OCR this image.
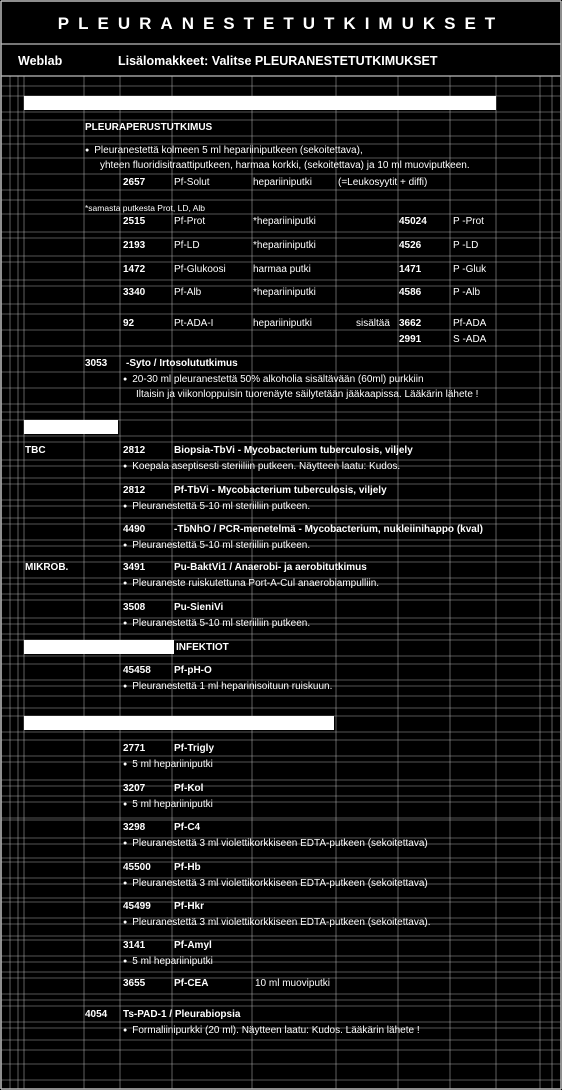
PLEURANESTETUTKIMUKSET
Weblab	Lisälomakkeet: Valitse PLEURANESTETUTKIMUKSET
PLEURAPERUSTUTKIMUS
● Pleuranestettä kolmeen 5 ml hepariiniputkeen (sekoitettava),
yhteen fluoridisitraattiputkeen, harmaa korkki, (sekoitettava) ja 10 ml muoviputkeen.
2657	Pf-Solut	hepariiniputki	(=Leukosyytit + diffi)
*samasta putkesta Prot, LD, Alb
2515	Pf-Prot	*hepariiniputki	45024	P -Prot
2193	Pf-LD	*hepariiniputki	4526	P -LD
1472	Pf-Glukoosi	harmaa putki	1471	P -Gluk
3340	Pf-Alb	*hepariiniputki	4586	P -Alb
92	Pt-ADA-I	hepariiniputki	sisältää 3662	Pf-ADA
2991	S -ADA
3053 -Syto / Irtosolututkimus
● 20-30 ml pleuranestettä 50% alkoholia sisältävään (60ml) purkkiin
Iltaisin ja viikonloppuisin tuorenäyte säilytetään jääkaapissa. Lääkärin lähete !
TBC
MIKROB.
INFEKTIOT
2812	Biopsia-TbVi - Mycobacterium tuberculosis, viljely
● Koepala aseptisesti steriiliin putkeen. Näytteen laatu: Kudos.
2812	Pf-TbVi - Mycobacterium tuberculosis, viljely
● Pleuranestettä 5-10 ml steriiliin putkeen.
4490	-TbNhO / PCR-menetelmä - Mycobacterium, nukleiinihappo (kval)
● Pleuranestettä 5-10 ml steriiliin putkeen.
3491	Pu-BaktVi1 / Anaerobi- ja aerobitutkimus
● Pleuraneste ruiskutettuna Port-A-Cul anaerobiampulliin.
3508	Pu-SieniVi
● Pleuranestettä 5-10 ml steriiliin putkeen.
45458 Pf-pH-O
● Pleuranestettä 1 ml heparinisoituun ruiskuun.
2771	Pf-Trigly
● 5 ml hepariiniputki
3207	Pf-Kol
● 5 ml hepariiniputki
3298	Pf-C4
● Pleuranestettä 3 ml violettikorkkiseen EDTA-putkeen (sekoitettava)
45500 Pf-Hb
● Pleuranestettä 3 ml violettikorkkiseen EDTA-putkeen (sekoitettava)
45499 Pf-Hkr
● Pleuranestettä 3 ml violettikorkkiseen EDTA-putkeen (sekoitettava).
3141	Pf-Amyl
● 5 ml hepariiniputki
3655	Pf-CEA	10 ml muoviputki
4054 Ts-PAD-1 / Pleurabiopsia
● Formaliinipurkki (20 ml). Näytteen laatu: Kudos. Lääkärin lähete !
